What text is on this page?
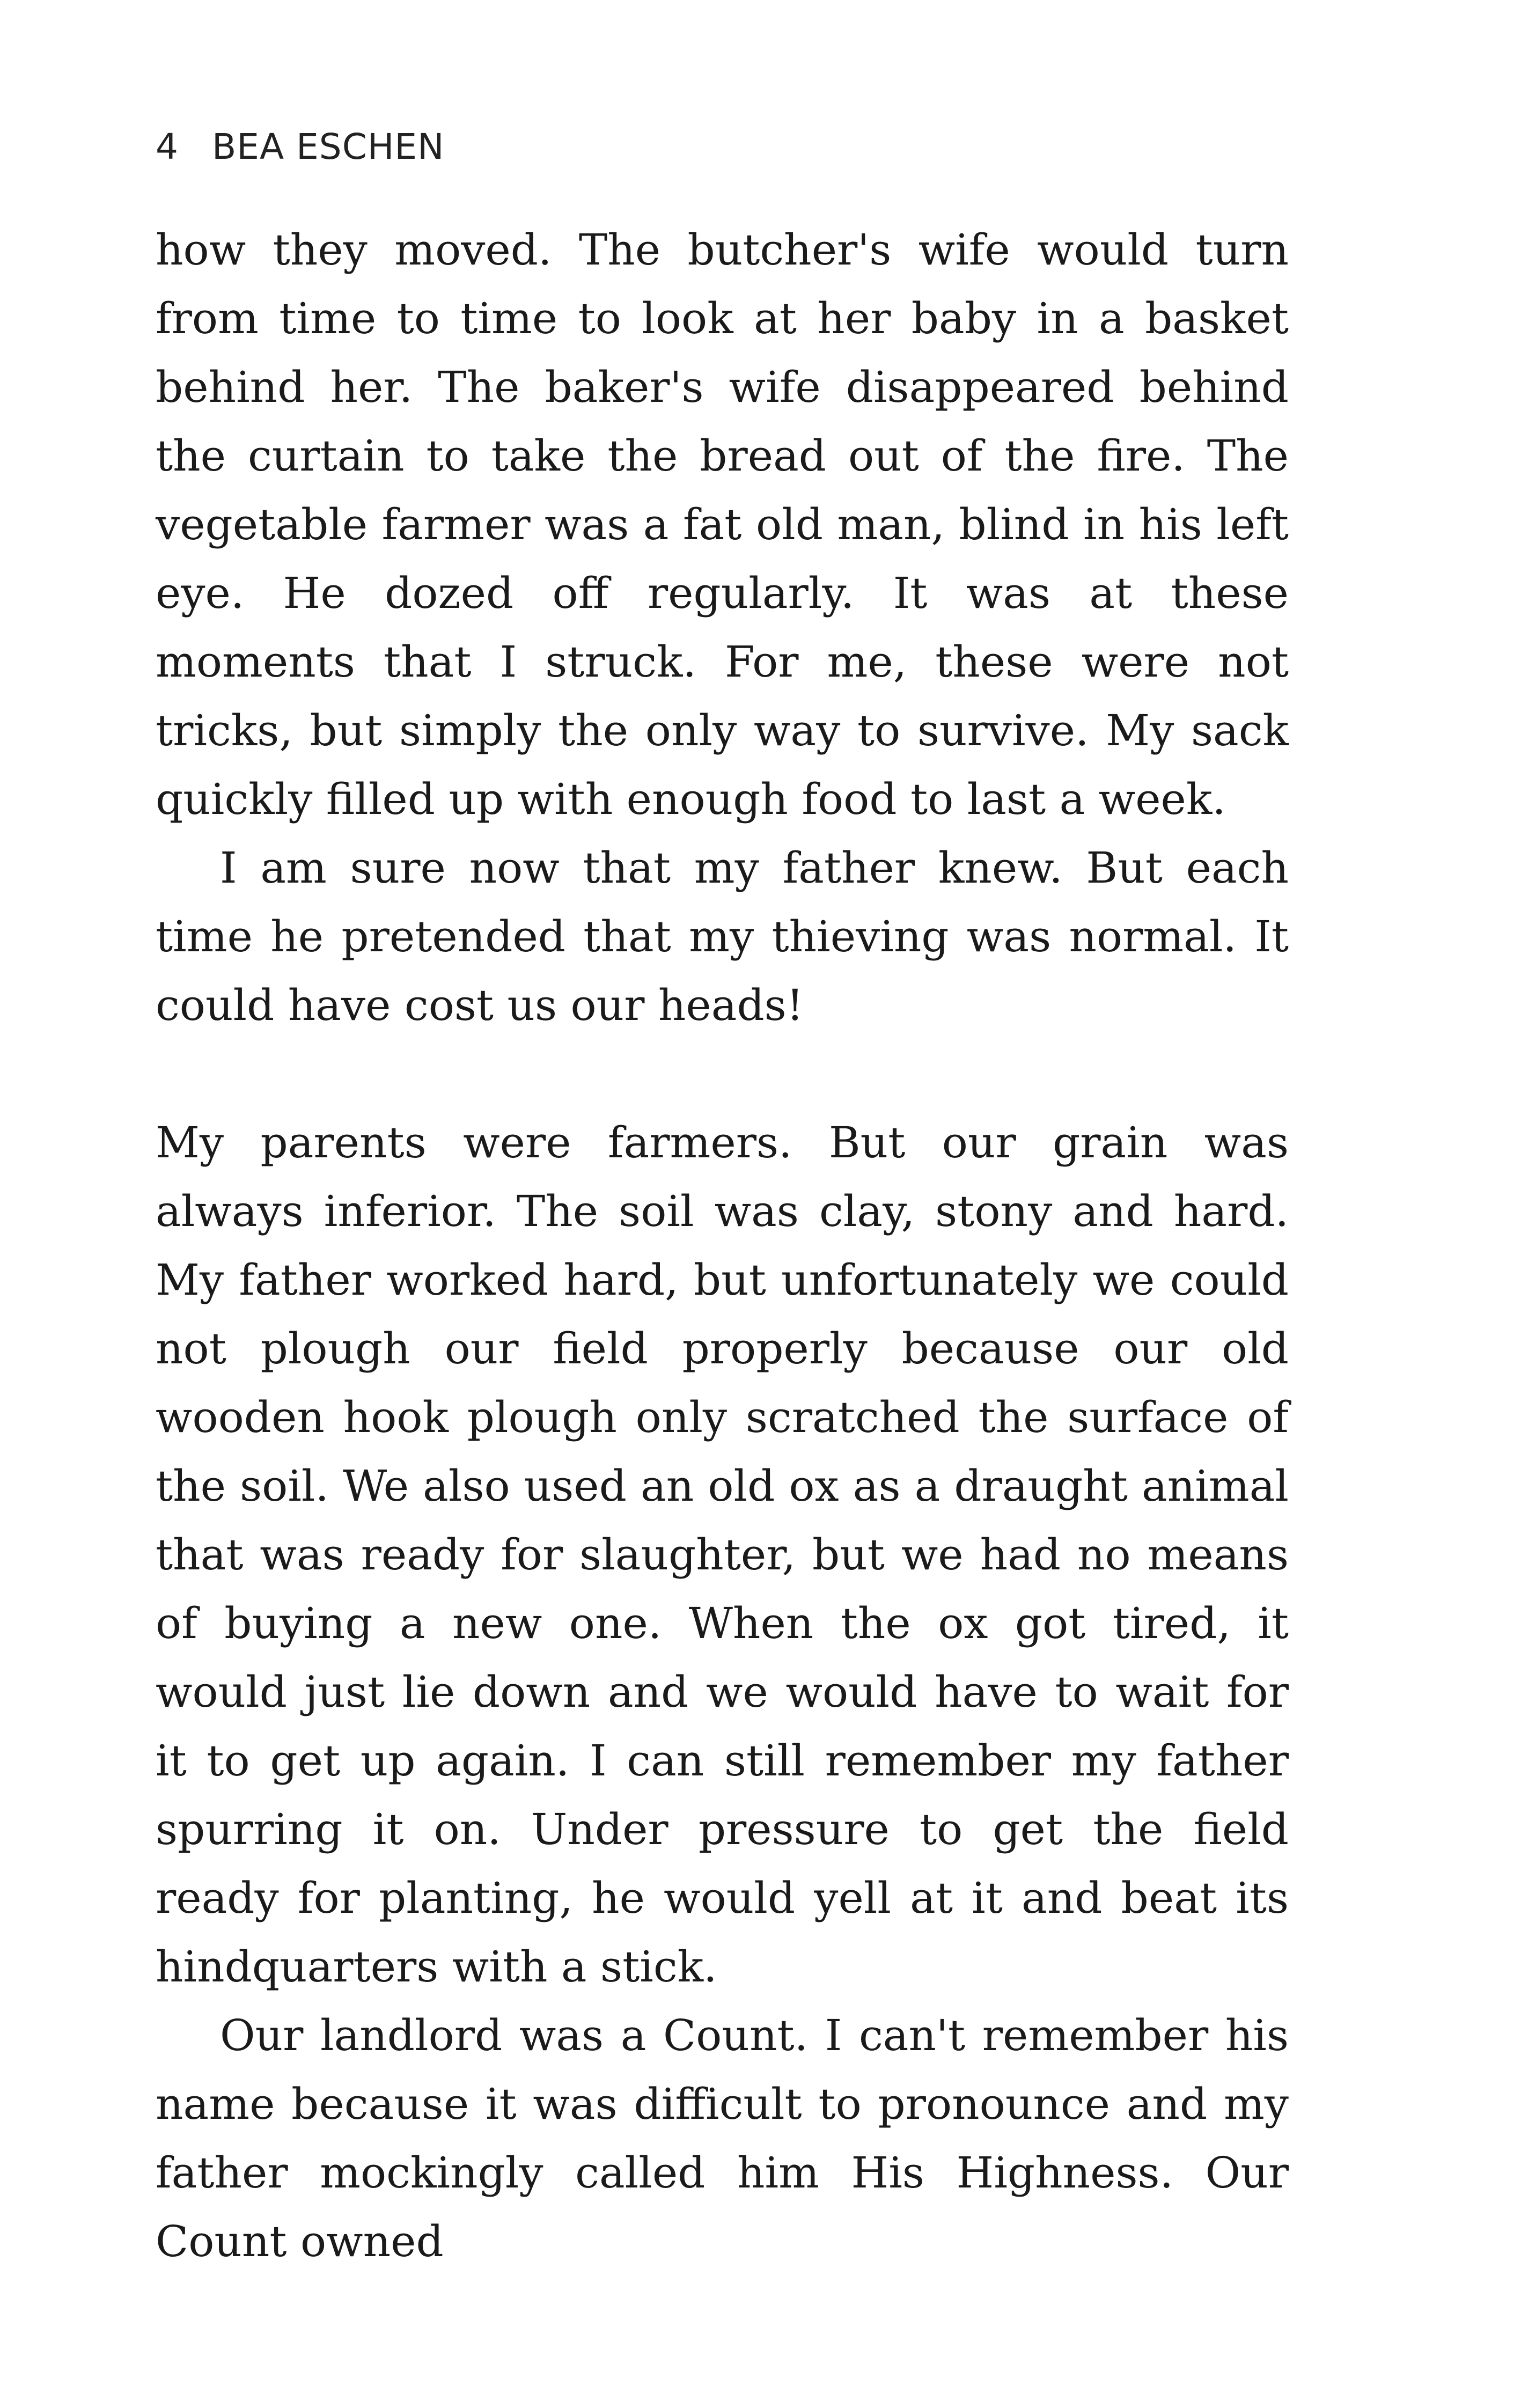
4 BEA ESCHEN

how they moved. The butcher's wife would turn from time to time to look at her baby in a basket behind her. The baker's wife disappeared behind the curtain to take the bread out of the fire. The vegetable farmer was a fat old man, blind in his left eye. He dozed off regularly. It was at these moments that I struck. For me, these were not tricks, but simply the only way to survive. My sack quickly filled up with enough food to last a week.

I am sure now that my father knew. But each time he pretended that my thieving was normal. It could have cost us our heads!

My parents were farmers. But our grain was always inferior. The soil was clay, stony and hard. My father worked hard, but unfortunately we could not plough our field properly because our old wooden hook plough only scratched the surface of the soil. We also used an old ox as a draught animal that was ready for slaughter, but we had no means of buying a new one. When the ox got tired, it would just lie down and we would have to wait for it to get up again. I can still remember my father spurring it on. Under pressure to get the field ready for planting, he would yell at it and beat its hindquarters with a stick.

Our landlord was a Count. I can't remember his name because it was difficult to pronounce and my father mockingly called him His Highness. Our Count owned
